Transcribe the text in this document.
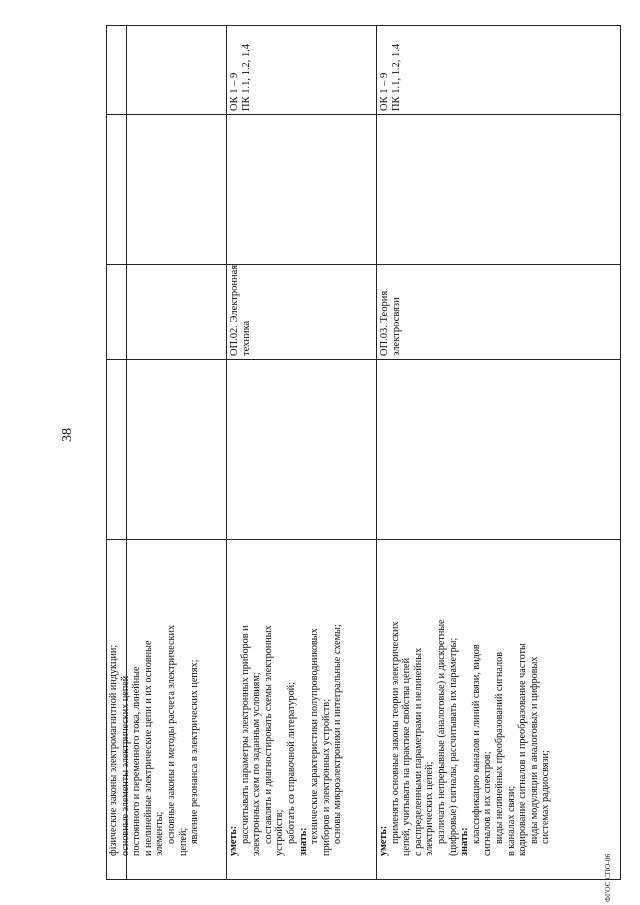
38
фізические законы электромагнитной индукции; основные элементы электрических цепей постоянного и переменного тока, линейные и нелинейные электрические цепи и их основные элементы; основные законы и методы расчета электрических цепей; явление резонанса в электрических цепях;	уметь: рассчитывать параметры электронных приборов и электронных схем по заданным условиям; составлять и диагностировать схемы электронных устройств; работать со справочной литературой; знать: технические характеристики полупроводниковых приборов и электронных устройств; основы микроэлектроники и интегральные схемы;
ОП.02. Электронная техника
ОК 1 – 9 ПК 1.1, 1.2, 1.4
уметь: применять основные законы теории электрических цепей, учитывать на практике свойства цепей с распределенными параметрами и нелинейных электрических цепей; различать непрерывные (аналоговые) и дискретные (цифровые) сигналы, рассчитывать их параметры; знать: классификацию каналов и линий связи, видов сигналов и их спектров; виды нелинейных преобразований сигналов в каналах связи; кодирование сигналов и преобразование частоты виды модуляции в аналоговых и цифровых системах радиосвязи;
ОП.03. Теория электросвязи
ОК 1 – 9 ПК 1.1, 1.2, 1.4
ФГОС СПО-06
